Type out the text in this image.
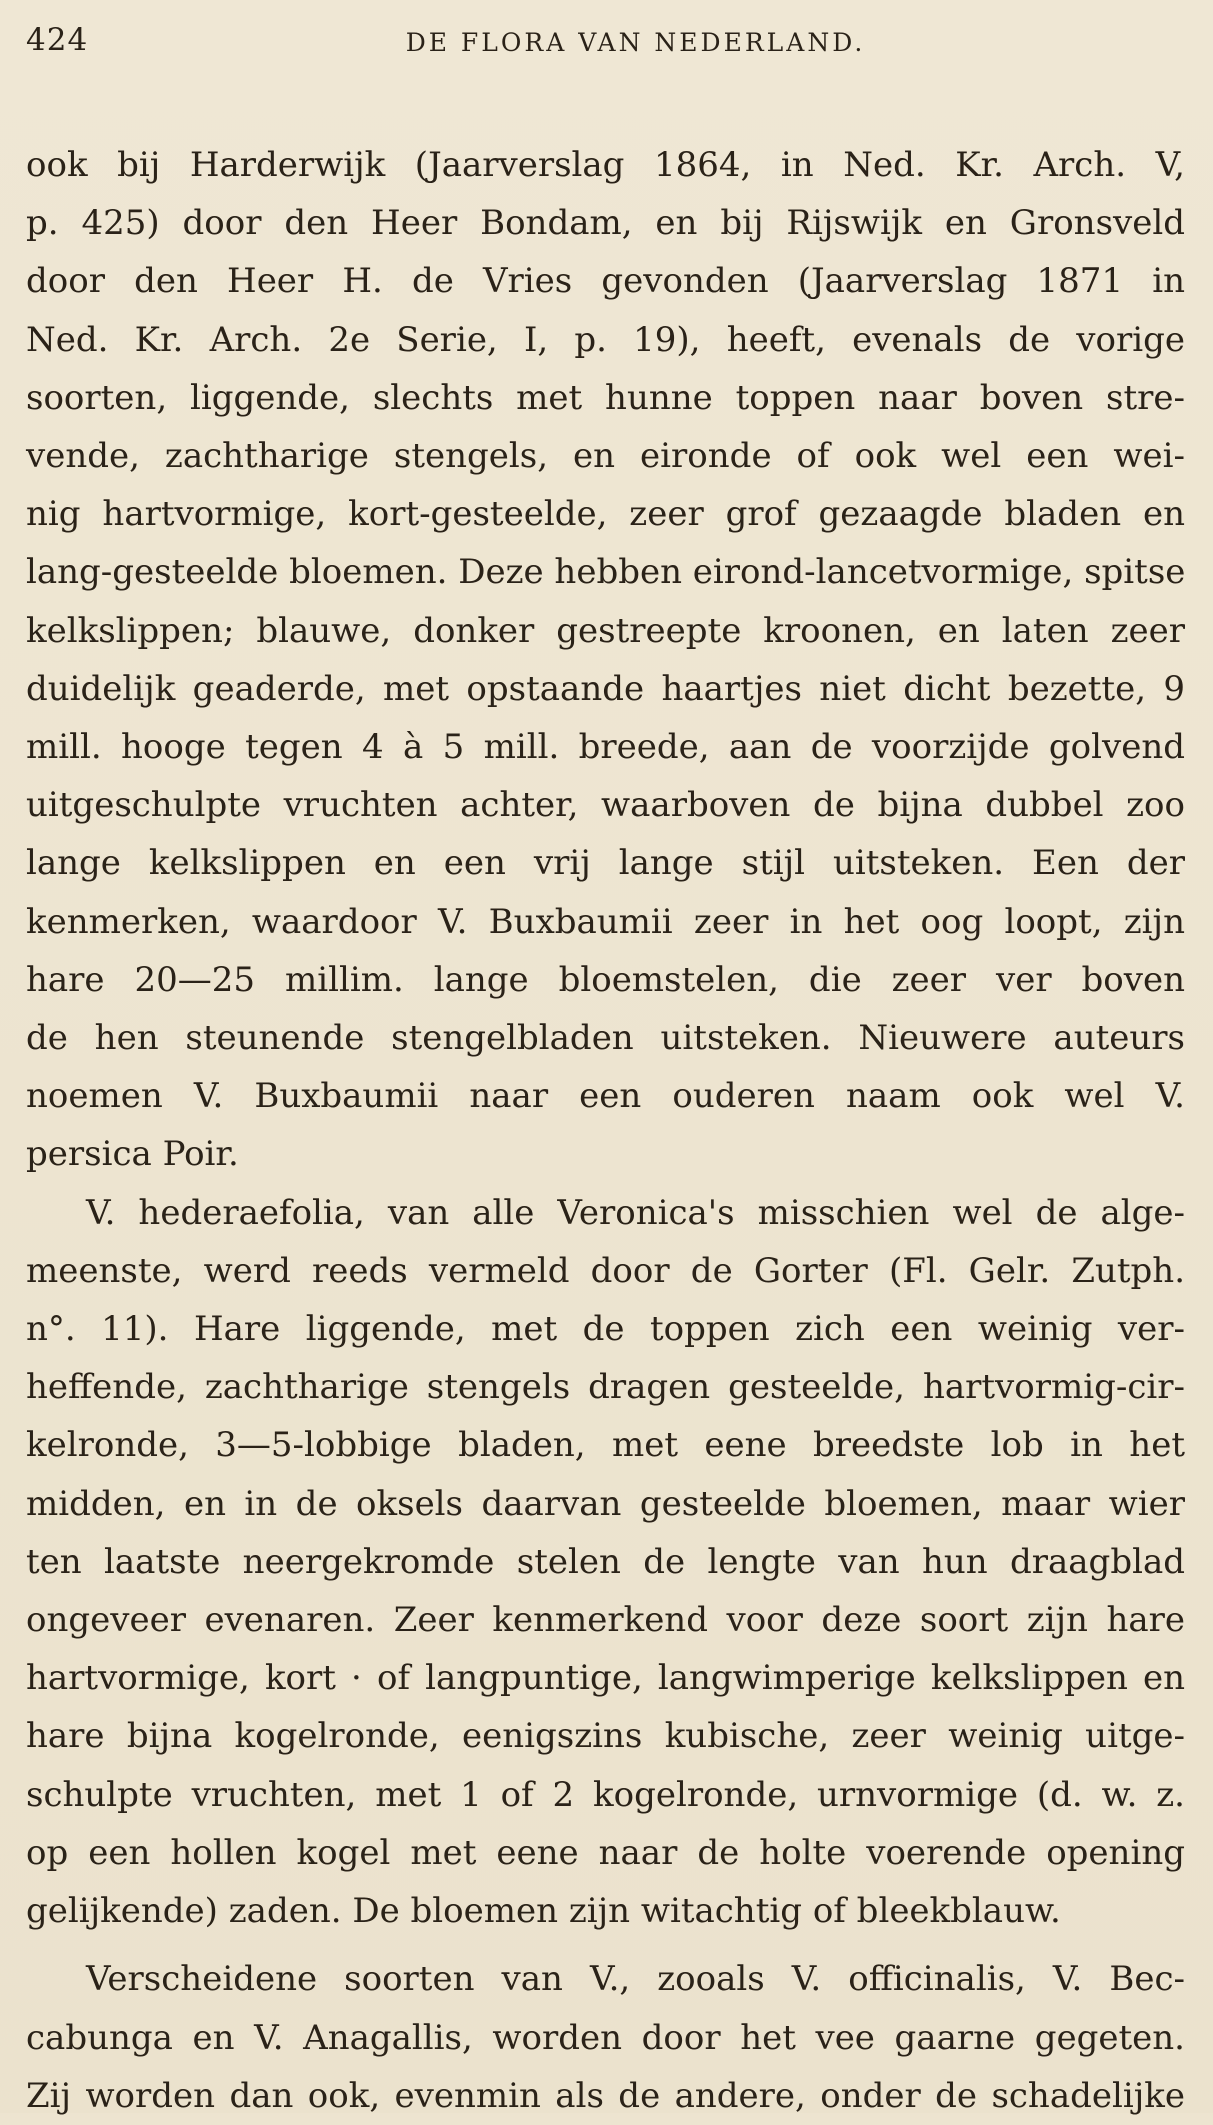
424	DE FLORA VAN NEDERLAND.
ook bij Harderwijk (Jaarverslag 1864, in Ned. Kr. Arch. V,
p. 425) door den Heer Bondam, en bij Rijswijk en Gronsveld
door den Heer H. de Vries gevonden (Jaarverslag 1871 in
Ned. Kr. Arch. 2e Serie, I, p. 19), heeft, evenals de vorige
soorten, liggende, slechts met hunne toppen naar boven stre-
vende, zachtharige stengels, en eironde of ook wel een wei-
nig hartvormige, kort-gesteelde, zeer grof gezaagde bladen en
lang-gesteelde bloemen. Deze hebben eirond-lancetvormige, spitse
kelkslippen; blauwe, donker gestreepte kroonen, en laten zeer
duidelijk geaderde, met opstaande haartjes niet dicht bezette, 9
mill. hooge tegen 4 à 5 mill. breede, aan de voorzijde golvend
uitgeschulpte vruchten achter, waarboven de bijna dubbel zoo
lange kelkslippen en een vrij lange stijl uitsteken. Een der
kenmerken, waardoor V. Buxbaumii zeer in het oog loopt, zijn
hare 20—25 millim. lange bloemstelen, die zeer ver boven
de hen steunende stengelbladen uitsteken. Nieuwere auteurs
noemen V. Buxbaumii naar een ouderen naam ook wel V.
persica Poir.
V. hederaefolia, van alle Veronica's misschien wel de alge-
meenste, werd reeds vermeld door de Gorter (Fl. Gelr. Zutph.
n°. 11). Hare liggende, met de toppen zich een weinig ver-
heffende, zachtharige stengels dragen gesteelde, hartvormig-cir-
kelronde, 3—5-lobbige bladen, met eene breedste lob in het
midden, en in de oksels daarvan gesteelde bloemen, maar wier
ten laatste neergekromde stelen de lengte van hun draagblad
ongeveer evenaren. Zeer kenmerkend voor deze soort zijn hare
hartvormige, kort · of langpuntige, langwimperige kelkslippen en
hare bijna kogelronde, eenigszins kubische, zeer weinig uitge-
schulpte vruchten, met 1 of 2 kogelronde, urnvormige (d. w. z.
op een hollen kogel met eene naar de holte voerende opening
gelijkende) zaden. De bloemen zijn witachtig of bleekblauw.
Verscheidene soorten van V., zooals V. officinalis, V. Bec-
cabunga en V. Anagallis, worden door het vee gaarne gegeten.
Zij worden dan ook, evenmin als de andere, onder de schadelijke
